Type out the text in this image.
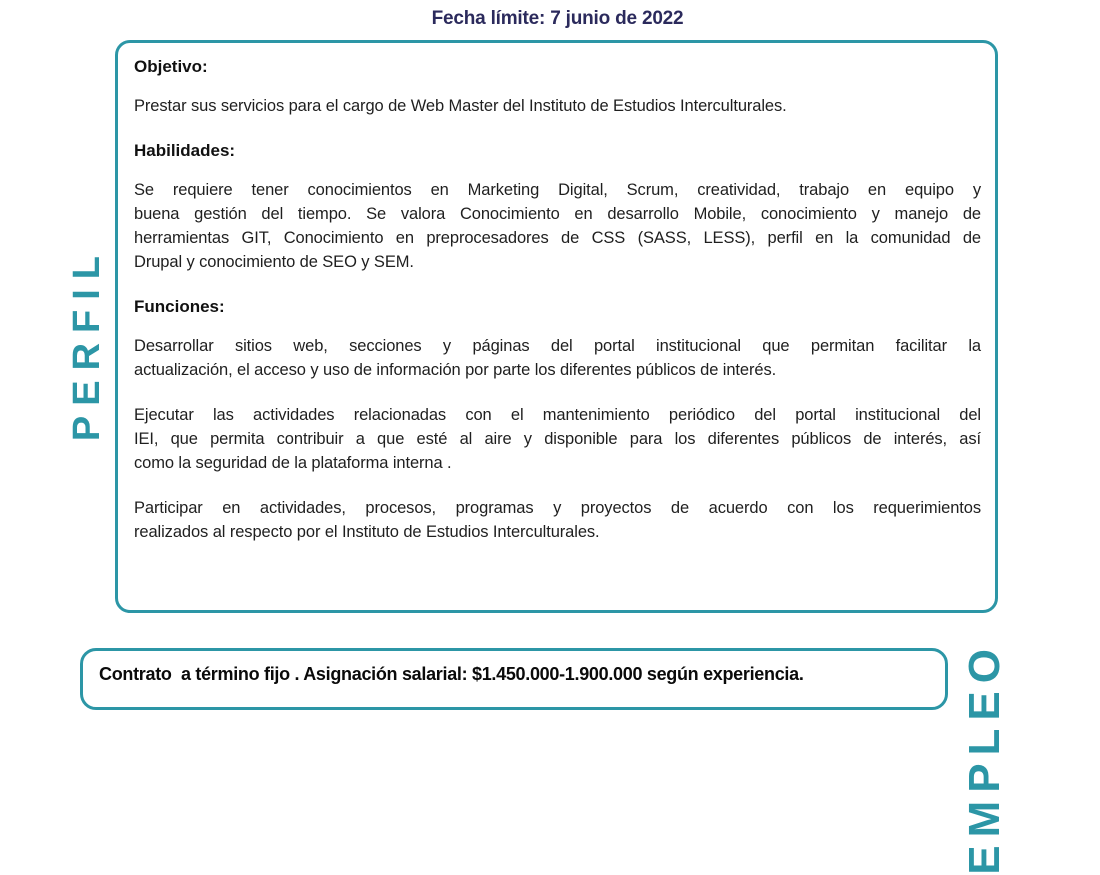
Fecha límite: 7 junio de 2022
PERFIL
Objetivo:
Prestar sus servicios para el cargo de Web Master del Instituto de Estudios Interculturales.
Habilidades:
Se requiere tener conocimientos en Marketing Digital, Scrum, creatividad, trabajo en equipo y
buena gestión del tiempo. Se valora Conocimiento en desarrollo Mobile, conocimiento y manejo de
herramientas GIT, Conocimiento en preprocesadores de CSS (SASS, LESS), perfil en la comunidad de
Drupal y conocimiento de SEO y SEM.
Funciones:
Desarrollar sitios web, secciones y páginas del portal institucional que permitan facilitar la
actualización, el acceso y uso de información por parte los diferentes públicos de interés.
Ejecutar las actividades relacionadas con el mantenimiento periódico del portal institucional del
IEI, que permita contribuir a que esté al aire y disponible para los diferentes públicos de interés, así
como la seguridad de la plataforma interna .
Participar en actividades, procesos, programas y proyectos de acuerdo con los requerimientos
realizados al respecto por el Instituto de Estudios Interculturales.
Contrato  a término fijo . Asignación salarial: $1.450.000-1.900.000 según experiencia.	EMPLEO
